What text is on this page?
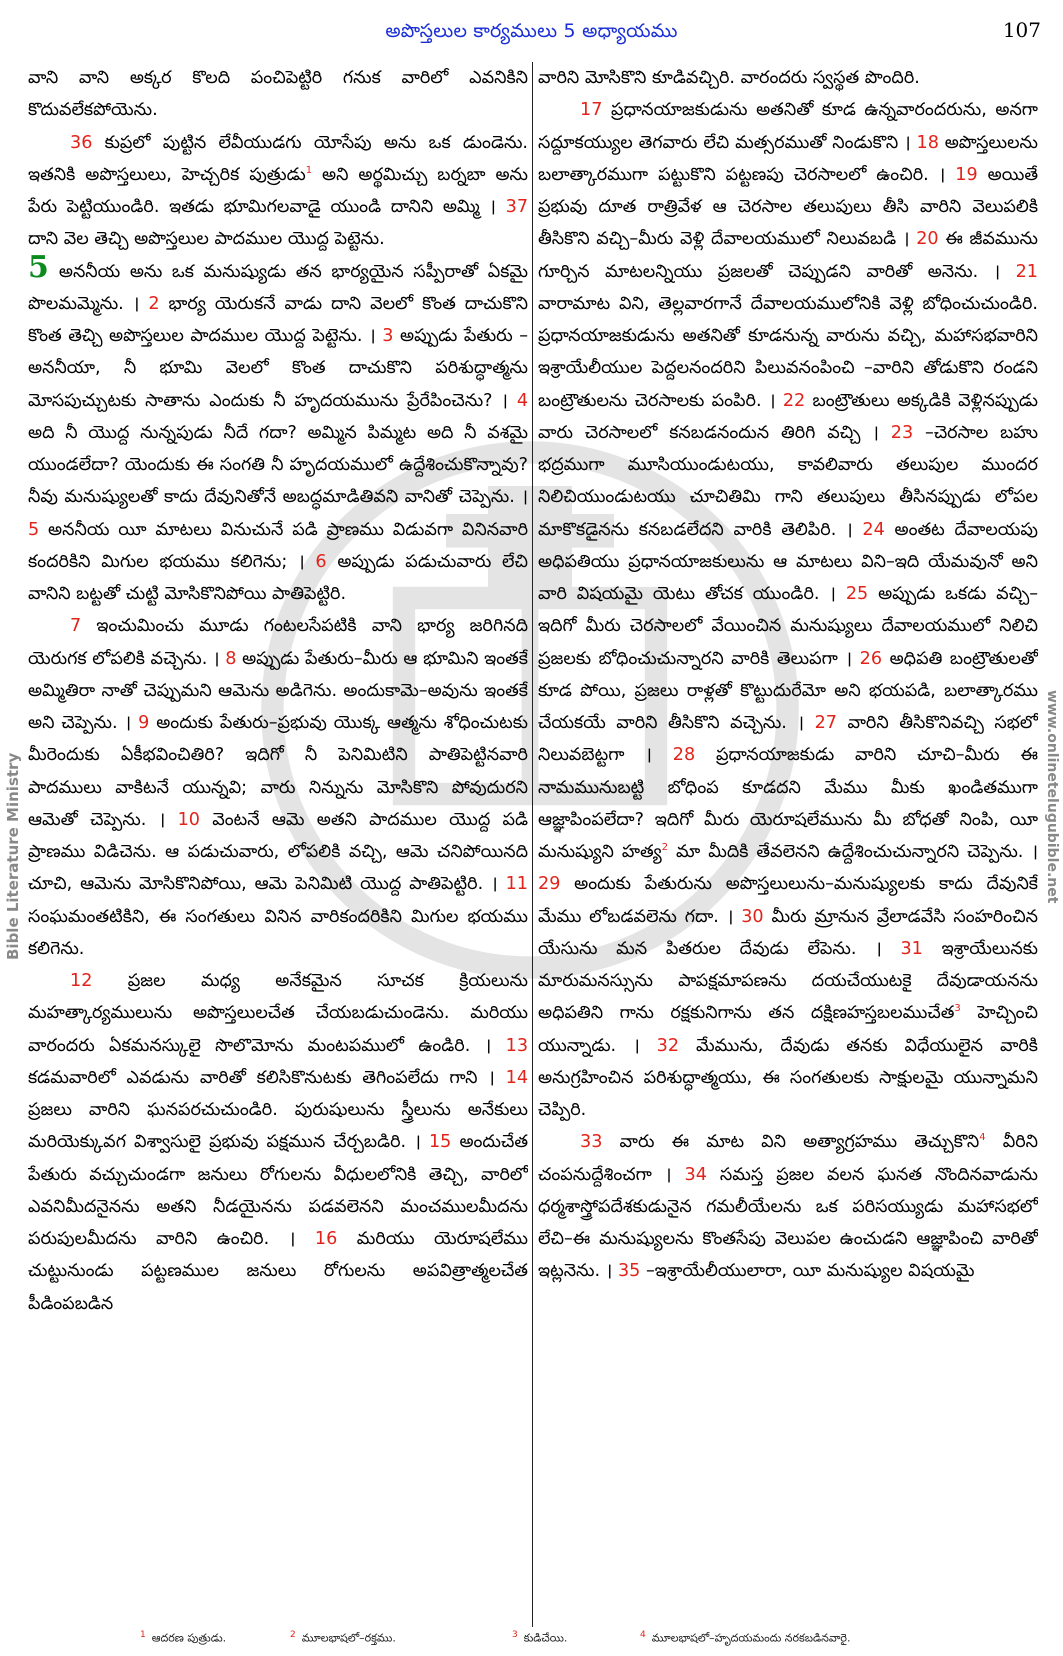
అపొస్తలుల కార్యములు 5 అధ్యాయము	107
Bible Literature Ministry	www.onlinetelugubible.net

వాని వాని అక్కర కొలది పంచిపెట్టిరి గనుక వారిలో ఎవనికిని కొదువలేకపోయెను.

36 కుప్రలో పుట్టిన లేవీయుడగు యోసేపు అను ఒక డుండెను. ఇతనికి అపొస్తలులు, హెచ్చరిక పుత్రుడు$^1$ అని అర్థమిచ్చు బర్నబా అను పేరు పెట్టియుండిరి. ఇతడు భూమిగలవాడై యుండి దానిని అమ్మి । 37 దాని వెల తెచ్చి అపొస్తలుల పాదముల యొద్ద పెట్టెను.

5 అననీయ అను ఒక మనుష్యుడు తన భార్యయైన సప్పీరాతో ఏకమై పొలమమ్మెను. । 2 భార్య యెరుకనే వాడు దాని వెలలో కొంత దాచుకొని కొంత తెచ్చి అపొస్తలుల పాదముల యొద్ద పెట్టెను. । 3 అప్పుడు పేతురు –అననీయా, నీ భూమి వెలలో కొంత దాచుకొని పరిశుద్ధాత్మను మోసపుచ్చుటకు సాతాను ఎందుకు నీ హృదయమును ప్రేరేపించెను? । 4 అది నీ యొద్ద నున్నపుడు నీదే గదా? అమ్మిన పిమ్మట అది నీ వశమై యుండలేదా? యెందుకు ఈ సంగతి నీ హృదయములో ఉద్దేశించుకొన్నావు? నీవు మనుష్యులతో కాదు దేవునితోనే అబద్ధమాడితివని వానితో చెప్పెను. । 5 అననీయ యీ మాటలు వినుచునే పడి ప్రాణము విడువగా వినినవారి కందరికిని మిగుల భయము కలిగెను; । 6 అప్పుడు పడుచువారు లేచి వానిని బట్టతో చుట్టి మోసికొనిపోయి పాతిపెట్టిరి.

7 ఇంచుమించు మూడు గంటలసేపటికి వాని భార్య జరిగినది యెరుగక లోపలికి వచ్చెను. । 8 అప్పుడు పేతురు–మీరు ఆ భూమిని ఇంతకే అమ్మితిరా నాతో చెప్పుమని ఆమెను అడిగెను. అందుకామె–అవును ఇంతకే అని చెప్పెను. । 9 అందుకు పేతురు–ప్రభువు యొక్క ఆత్మను శోధించుటకు మీరెందుకు ఏకీభవించితిరి? ఇదిగో నీ పెనిమిటిని పాతిపెట్టినవారి పాదములు వాకిటనే యున్నవి; వారు నిన్నును మోసికొని పోవుదురని ఆమెతో చెప్పెను. । 10 వెంటనే ఆమె అతని పాదముల యొద్ద పడి ప్రాణము విడిచెను. ఆ పడుచువారు, లోపలికి వచ్చి, ఆమె చనిపోయినది చూచి, ఆమెను మోసికొనిపోయి, ఆమె పెనిమిటి యొద్ద పాతిపెట్టిరి. । 11 సంఘమంతటికిని, ఈ సంగతులు వినిన వారికందరికిని మిగుల భయము కలిగెను.

12 ప్రజల మధ్య అనేకమైన సూచక క్రియలును మహత్కార్యములును అపొస్తలులచేత చేయబడుచుండెను. మరియు వారందరు ఏకమనస్కులై సొలొమోను మంటపములో ఉండిరి. । 13 కడమవారిలో ఎవడును వారితో కలిసికొనుటకు తెగింపలేదు గాని । 14 ప్రజలు వారిని ఘనపరచుచుండిరి. పురుషులును స్త్రీలును అనేకులు మరియెక్కువగ విశ్వాసులై ప్రభువు పక్షమున చేర్చబడిరి. । 15 అందుచేత పేతురు వచ్చుచుండగా జనులు రోగులను వీధులలోనికి తెచ్చి, వారిలో ఎవనిమీదనైనను అతని నీడయైనను పడవలెనని మంచములమీదను పరుపులమీదను వారిని ఉంచిరి. । 16 మరియు యెరూషలేము చుట్టునుండు పట్టణముల జనులు రోగులను అపవిత్రాత్మలచేత పీడింపబడిన

వారిని మోసికొని కూడివచ్చిరి. వారందరు స్వస్థత పొందిరి.

17 ప్రధానయాజకుడును అతనితో కూడ ఉన్నవారందరును, అనగా సద్దూకయ్యుల తెగవారు లేచి మత్సరముతో నిండుకొని । 18 అపొస్తలులను బలాత్కారముగా పట్టుకొని పట్టణపు చెరసాలలో ఉంచిరి. । 19 అయితే ప్రభువు దూత రాత్రివేళ ఆ చెరసాల తలుపులు తీసి వారిని వెలుపలికి తీసికొని వచ్చి–మీరు వెళ్లి దేవాలయములో నిలువబడి । 20 ఈ జీవమును గూర్చిన మాటలన్నియు ప్రజలతో చెప్పుడని వారితో అనెను. । 21 వారామాట విని, తెల్లవారగానే దేవాలయములోనికి వెళ్లి బోధించుచుండిరి. ప్రధానయాజకుడును అతనితో కూడనున్న వారును వచ్చి, మహాసభవారిని ఇశ్రాయేలీయుల పెద్దలనందరిని పిలువనంపించి –వారిని తోడుకొని రండని బంట్రౌతులను చెరసాలకు పంపిరి. । 22 బంట్రౌతులు అక్కడికి వెళ్లినప్పుడు వారు చెరసాలలో కనబడనందున తిరిగి వచ్చి । 23 –చెరసాల బహు భద్రముగా మూసియుండుటయు, కావలివారు తలుపుల ముందర నిలిచియుండుటయు చూచితిమి గాని తలుపులు తీసినప్పుడు లోపల మాకొకడైనను కనబడలేదని వారికి తెలిపిరి. । 24 అంతట దేవాలయపు అధిపతియు ప్రధానయాజకులును ఆ మాటలు విని–ఇది యేమవునో అని వారి విషయమై యెటు తోచక యుండిరి. । 25 అప్పుడు ఒకడు వచ్చి–ఇదిగో మీరు చెరసాలలో వేయించిన మనుష్యులు దేవాలయములో నిలిచి ప్రజలకు బోధించుచున్నారని వారికి తెలుపగా । 26 అధిపతి బంట్రౌతులతో కూడ పోయి, ప్రజలు రాళ్లతో కొట్టుదురేమో అని భయపడి, బలాత్కారము చేయకయే వారిని తీసికొని వచ్చెను. । 27 వారిని తీసికొనివచ్చి సభలో నిలువబెట్టగా । 28 ప్రధానయాజకుడు వారిని చూచి–మీరు ఈ నామమునుబట్టి బోధింప కూడదని మేము మీకు ఖండితముగా ఆజ్ఞాపింపలేదా? ఇదిగో మీరు యెరూషలేమును మీ బోధతో నింపి, యీ మనుష్యుని హత్య$^2$ మా మీదికి తేవలెనని ఉద్దేశించుచున్నారని చెప్పెను. । 29 అందుకు పేతురును అపొస్తలులును–మనుష్యులకు కాదు దేవునికే మేము లోబడవలెను గదా. । 30 మీరు మ్రానున వ్రేలాడవేసి సంహరించిన యేసును మన పితరుల దేవుడు లేపెను. । 31 ఇశ్రాయేలునకు మారుమనస్సును పాపక్షమాపణను దయచేయుటకై దేవుడాయనను అధిపతిని గాను రక్షకునిగాను తన దక్షిణహస్తబలముచేత$^3$ హెచ్చించి యున్నాడు. । 32 మేమును, దేవుడు తనకు విధేయులైన వారికి అనుగ్రహించిన పరిశుద్ధాత్మయు, ఈ సంగతులకు సాక్షులమై యున్నామని చెప్పిరి.

33 వారు ఈ మాట విని అత్యాగ్రహము తెచ్చుకొని$^4$ వీరిని చంపనుద్దేశించగా । 34 సమస్త ప్రజల వలన ఘనత నొందినవాడును ధర్మశాస్త్రోపదేశకుడునైన గమలీయేలను ఒక పరిసయ్యుడు మహాసభలో లేచి–ఈ మనుష్యులను కొంతసేపు వెలుపల ఉంచుడని ఆజ్ఞాపించి వారితో ఇట్లనెను. । 35 –ఇశ్రాయేలీయులారా, యీ మనుష్యుల విషయమై

$^1$ ఆదరణ పుత్రుడు.	$^2$ మూలభాషలో–రక్తము.	$^3$ కుడిచేయి.	$^4$ మూలభాషలో–హృదయమందు నరకబడినవారై.
